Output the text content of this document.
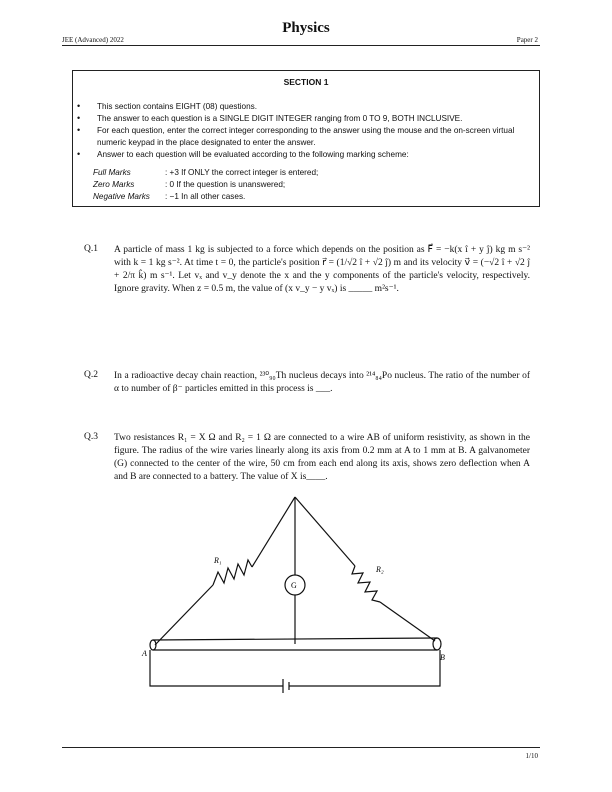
Physics
JEE (Advanced) 2022	Paper 2
SECTION 1
• This section contains EIGHT (08) questions.
• The answer to each question is a SINGLE DIGIT INTEGER ranging from 0 TO 9, BOTH INCLUSIVE.
• For each question, enter the correct integer corresponding to the answer using the mouse and the on-screen virtual numeric keypad in the place designated to enter the answer.
• Answer to each question will be evaluated according to the following marking scheme:
Full Marks	: +3 If ONLY the correct integer is entered;
Zero Marks	: 0 If the question is unanswered;
Negative Marks : −1 In all other cases.
Q.1 A particle of mass 1 kg is subjected to a force which depends on the position as F⃗ = −k(x î + y ĵ) kg m s⁻² with k = 1 kg s⁻². At time t = 0, the particle's position r⃗ = (1/√2 î + √2 ĵ) m and its velocity v⃗ = (−√2 î + √2 ĵ + 2/π k̂) m s⁻¹. Let vₓ and v_y denote the x and the y components of the particle's velocity, respectively. Ignore gravity. When z = 0.5 m, the value of (x v_y − y vₓ) is _____ m²s⁻¹.
Q.2 In a radioactive decay chain reaction, ²³⁰₉₀Th nucleus decays into ²¹⁴₈₄Po nucleus. The ratio of the number of α to number of β⁻ particles emitted in this process is ___.
Q.3 Two resistances R₁ = X Ω and R₂ = 1 Ω are connected to a wire AB of uniform resistivity, as shown in the figure. The radius of the wire varies linearly along its axis from 0.2 mm at A to 1 mm at B. A galvanometer (G) connected to the center of the wire, 50 cm from each end along its axis, shows zero deflection when A and B are connected to a battery. The value of X is____.
R₁
R₂
G
A	B
1/10
